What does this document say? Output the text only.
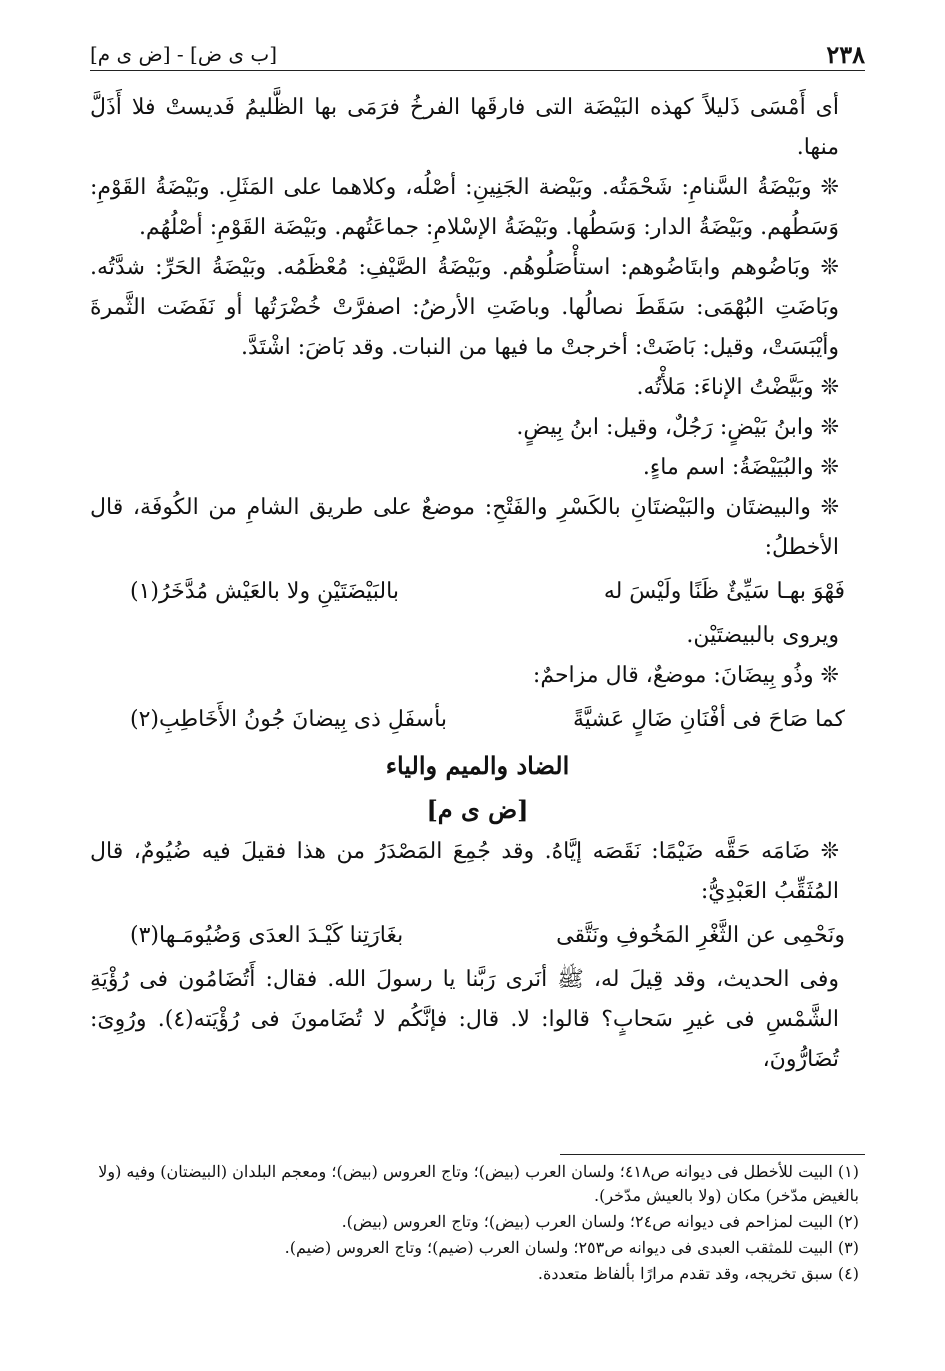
٢٣٨
[ب ى ض] - [ض ى م]

أى أَمْسَى ذَليلاً كهذه البَيْضَة التى فارقَها الفرخُ فرَمَى بها الظَّليمُ فَديستْ فلا أَذَلَّ منها.

❊ وبَيْضَةُ السَّنامِ: شَحْمَتُه. وبَيْضة الجَنِينِ: أصْلُه، وكلاهما على المَثَلِ. وبَيْضَةُ القَوْمِ: وَسَطُهم. وبَيْضَةُ الدار: وَسَطُها. وبَيْضَةُ الإسْلامِ: جماعَتُهم. وبَيْضَة القَوْمِ: أصْلُهُم.

❊ وبَاضُوهم وابتَاضُوهم: استأْصَلُوهُم. وبَيْضَةُ الصَّيْفِ: مُعْظَمُه. وبَيْضَةُ الحَرِّ: شدَّتُه. وبَاضَتِ البُهْمَى: سَقَطَ نصالُها. وباضَتِ الأرضُ: اصفرَّتْ خُضْرَتُها أو نَفَضَت الثَّمرةَ وأيْبَسَتْ، وقيل: بَاضَتْ: أخرجتْ ما فيها من النبات. وقد بَاضَ: اشْتَدَّ.

❊ وبَيَّضْتُ الإناءَ: مَلأْتُه.

❊ وابنُ بَيْضٍ: رَجُلٌ، وقيل: ابنُ بِيضٍ.

❊ والبُيَيْضَةُ: اسم ماءٍ.

❊ والبيضتَان والبَيْضتَانِ بالكَسْرِ والفَتْحِ: موضعٌ على طريق الشامِ من الكُوفَة، قال الأخطلُ:

فَهْوَ بهـا سَيِّئٌ ظَنًا ولَيْسَ له
بالبَيْضَتَيْنِ ولا بالعَيْش مُدَّخَرُ(١)

ويروى بالبيضتَيْن.

❊ وذُو بِيضَانَ: موضعٌ، قال مزاحمٌ:

كما صَاحَ فى أفْنَانِ ضَالٍ عَشيَّةً
بأسفَلِ ذى بِيضانَ جُونُ الأَخَاطِبِ(٢)
الضاد والميم والياء
[ض ى م]

❊ ضَامَه حَقَّه ضَيْمًا: نَقَصَه إيَّاهُ. وقد جُمِعَ المَصْدَرُ من هذا فقيلَ فيه ضُيُومٌ، قال المُثَقِّبُ العَبْدِيُّ:

ونَحْمِى عن الثَّغْرِ المَخُوفِ ونَتَّقى
بغَارَتِنا كَيْـدَ العدَى وَضُيُومَـها(٣)

وفى الحديث، وقد قِيلَ له، ﷺ أنَرى رَبَّنا يا رسولَ الله. فقال: أَتُضَامُون فى رُؤْيَةِ الشَّمْسِ فى غيرِ سَحابٍ؟ قالوا: لا. قال: فإنَّكُم لا تُضَامونَ فى رُؤْيَته(٤). ورُوِىَ: تُضَارُّونَ،

(١) البيت للأخطل فى ديوانه ص٤١٨؛ ولسان العرب (بيض)؛ وتاج العروس (بيض)؛ ومعجم البلدان (البيضتان) وفيه (ولا بالغيض مدّخر) مكان (ولا بالعيش مدّخر).

(٢) البيت لمزاحم فى ديوانه ص٢٤؛ ولسان العرب (بيض)؛ وتاج العروس (بيض).

(٣) البيت للمثقب العبدى فى ديوانه ص٢٥٣؛ ولسان العرب (ضيم)؛ وتاج العروس (ضيم).

(٤) سبق تخريجه، وقد تقدم مرارًا بألفاظ متعددة.
